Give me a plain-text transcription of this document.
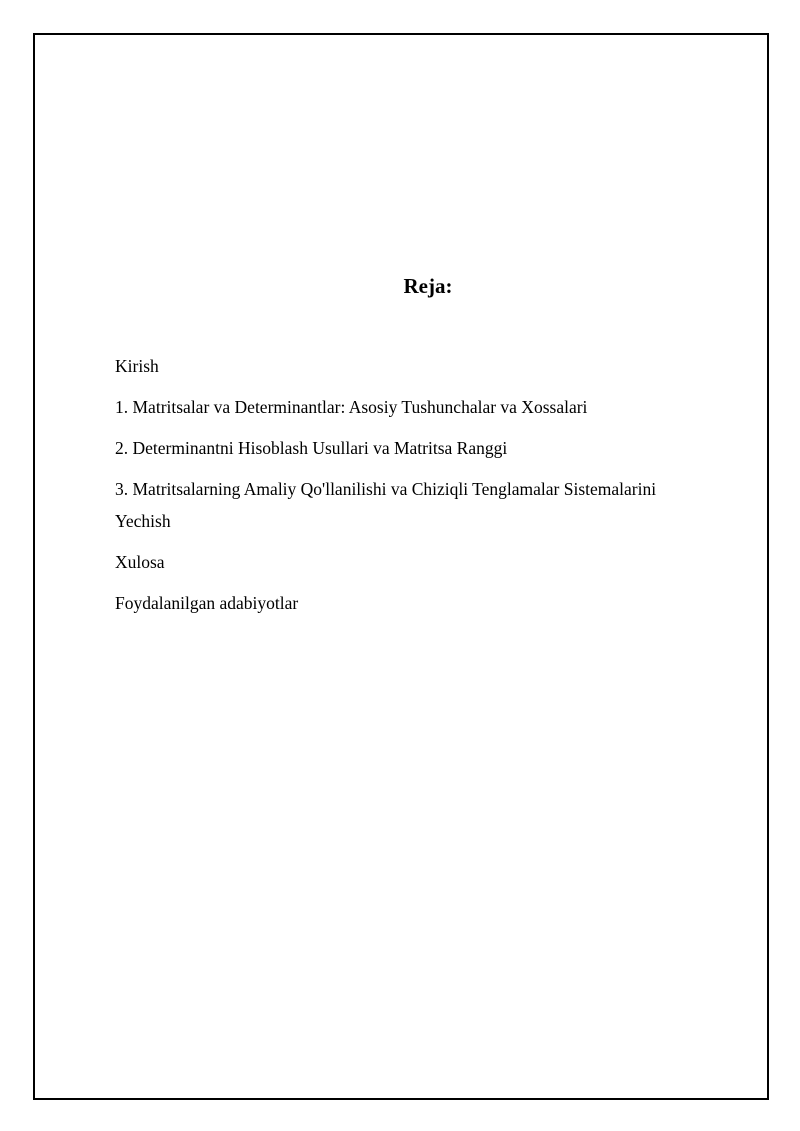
Reja:
Kirish
1. Matritsalar va Determinantlar: Asosiy Tushunchalar va Xossalari
2. Determinantni Hisoblash Usullari va Matritsa Ranggi
3. Matritsalarning Amaliy Qo'llanilishi va Chiziqli Tenglamalar Sistemalarini Yechish
Xulosa
Foydalanilgan adabiyotlar
